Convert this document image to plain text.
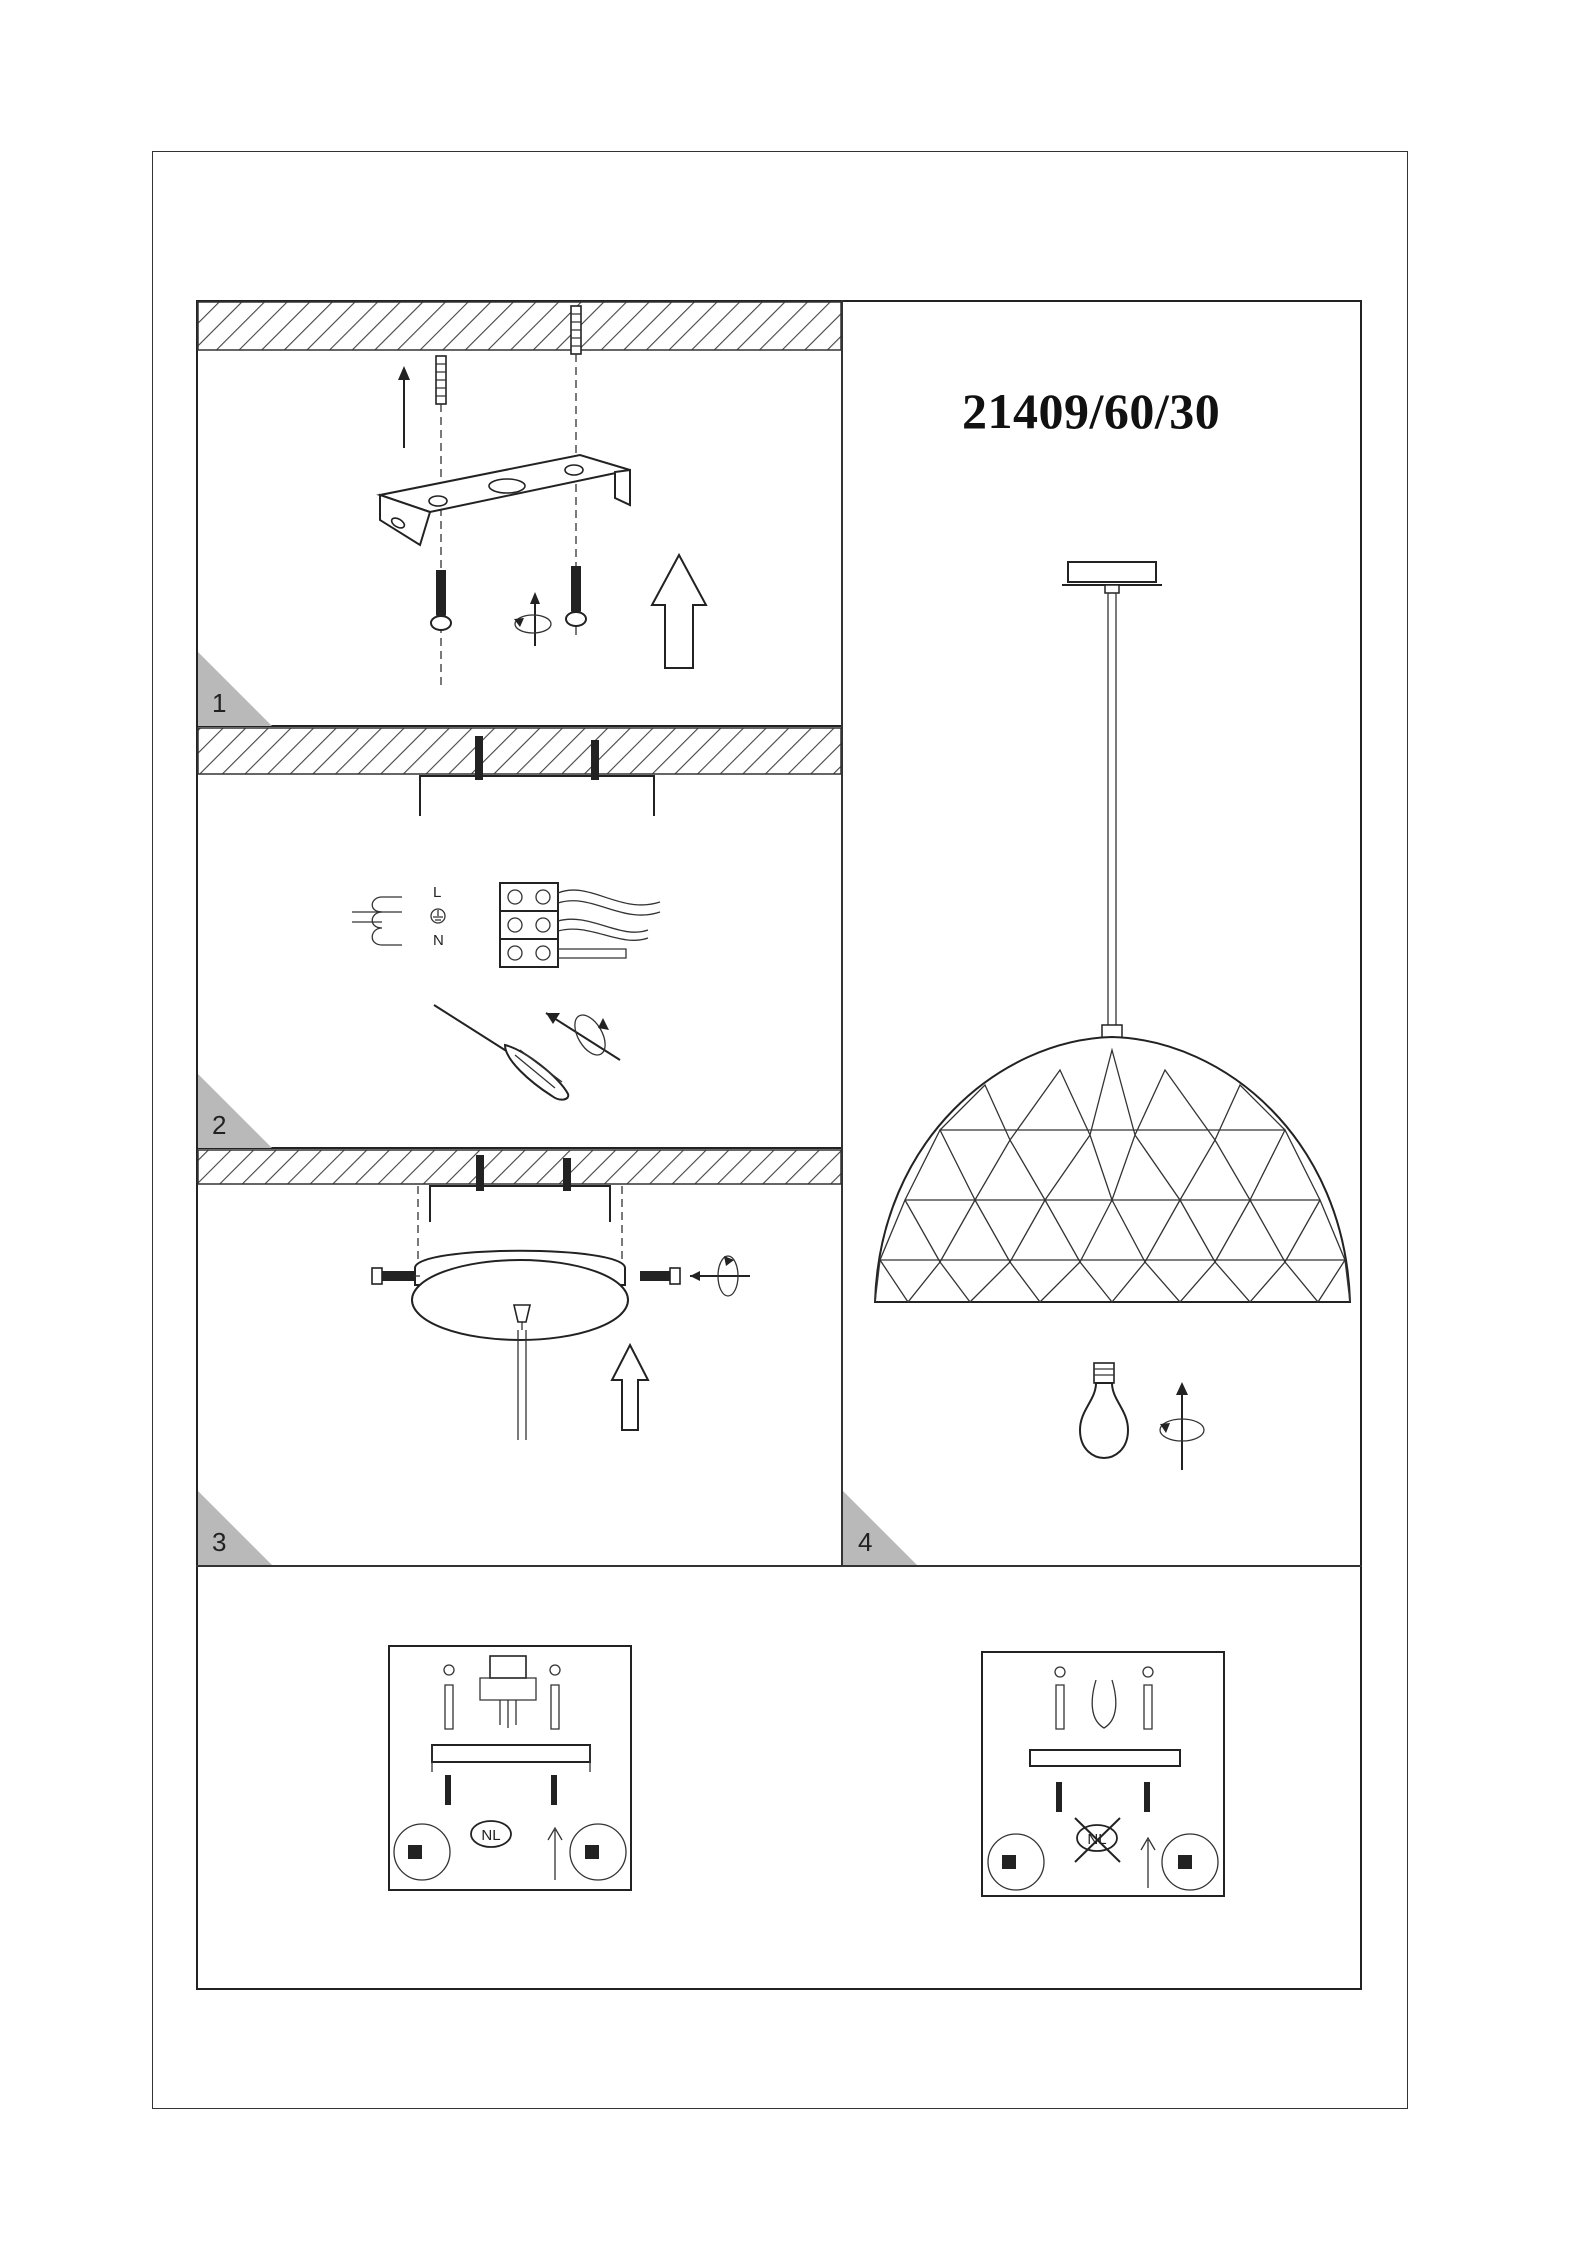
21409/60/30
L
N
NL	NL
1
2
3	4
